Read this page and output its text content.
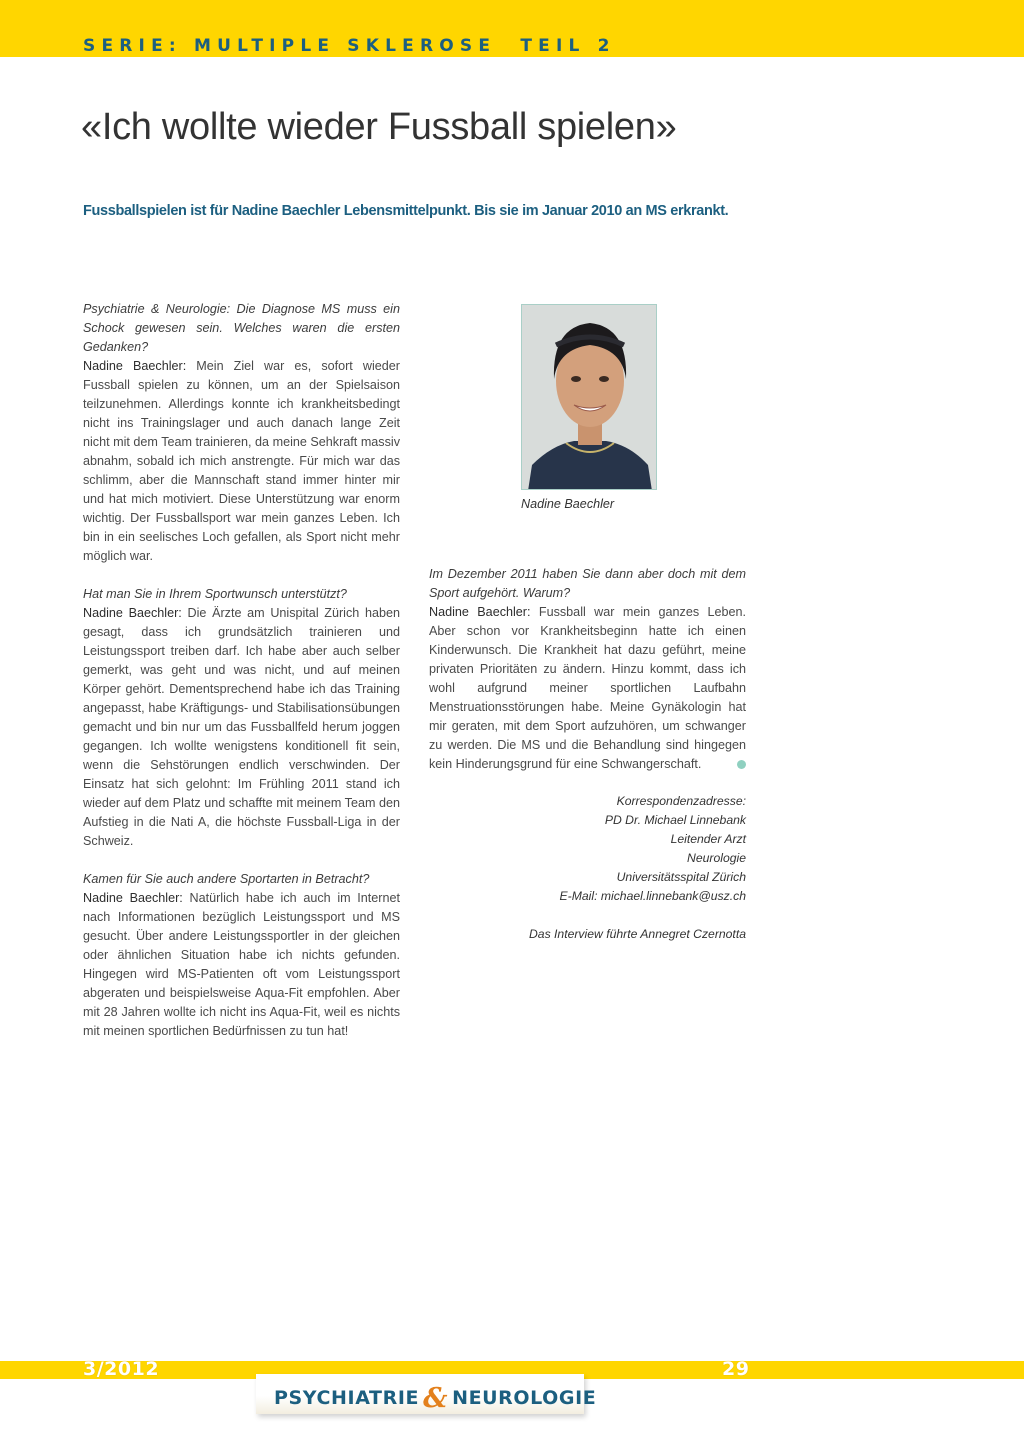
SERIE: MULTIPLE SKLEROSE  TEIL 2
«Ich wollte wieder Fussball spielen»

Fussballspielen ist für Nadine Baechler Lebensmittelpunkt. Bis sie im Januar 2010 an MS erkrankt.

Psychiatrie & Neurologie: Die Diagnose MS muss ein Schock gewesen sein. Welches waren die ersten Gedanken?
Nadine Baechler: Mein Ziel war es, sofort wieder Fussball spielen zu können, um an der Spielsaison teilzunehmen. Allerdings konnte ich krankheitsbedingt nicht ins Trainingslager und auch danach lange Zeit nicht mit dem Team trainieren, da meine Sehkraft massiv abnahm, sobald ich mich anstrengte. Für mich war das schlimm, aber die Mannschaft stand immer hinter mir und hat mich motiviert. Diese Unterstützung war enorm wichtig. Der Fussballsport war mein ganzes Leben. Ich bin in ein seelisches Loch gefallen, als Sport nicht mehr möglich war.

Hat man Sie in Ihrem Sportwunsch unterstützt?
Nadine Baechler: Die Ärzte am Unispital Zürich haben gesagt, dass ich grundsätzlich trainieren und Leistungssport treiben darf. Ich habe aber auch selber gemerkt, was geht und was nicht, und auf meinen Körper gehört. Dementsprechend habe ich das Training angepasst, habe Kräftigungs- und Stabilisationsübungen gemacht und bin nur um das Fussballfeld herum joggen gegangen. Ich wollte wenigstens konditionell fit sein, wenn die Sehstörungen endlich verschwinden. Der Einsatz hat sich gelohnt: Im Frühling 2011 stand ich wieder auf dem Platz und schaffte mit meinem Team den Aufstieg in die Nati A, die höchste Fussball-Liga in der Schweiz.

Kamen für Sie auch andere Sportarten in Betracht?
Nadine Baechler: Natürlich habe ich auch im Internet nach Informationen bezüglich Leistungssport und MS gesucht. Über andere Leistungssportler in der gleichen oder ähnlichen Situation habe ich nichts gefunden. Hingegen wird MS-Patienten oft vom Leistungssport abgeraten und beispielsweise Aqua-Fit empfohlen. Aber mit 28 Jahren wollte ich nicht ins Aqua-Fit, weil es nichts mit meinen sportlichen Bedürfnissen zu tun hat!

Nadine Baechler

Im Dezember 2011 haben Sie dann aber doch mit dem Sport aufgehört. Warum?
Nadine Baechler: Fussball war mein ganzes Leben. Aber schon vor Krankheitsbeginn hatte ich einen Kinderwunsch. Die Krankheit hat dazu geführt, meine privaten Prioritäten zu ändern. Hinzu kommt, dass ich wohl aufgrund meiner sportlichen Laufbahn Menstruationsstörungen habe. Meine Gynäkologin hat mir geraten, mit dem Sport aufzuhören, um schwanger zu werden. Die MS und die Behandlung sind hingegen kein Hinderungsgrund für eine Schwangerschaft.

Korrespondenzadresse:
PD Dr. Michael Linnebank
Leitender Arzt
Neurologie
Universitätsspital Zürich
E-Mail: michael.linnebank@usz.ch
Das Interview führte Annegret Czernotta

3/2012	29

PSYCHIATRIE & NEUROLOGIE
